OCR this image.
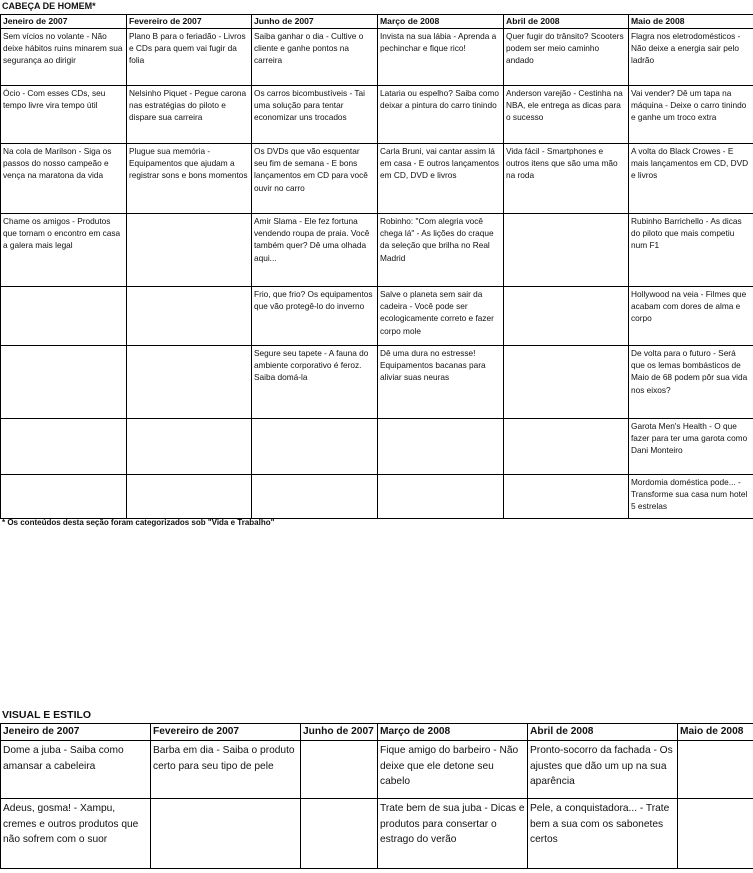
CABEÇA DE HOMEM*
Jeneiro de 2007	Fevereiro de 2007	Junho de 2007	Março de 2008	Abril de 2008	Maio de 2008
Sem vícios no volante - Não deixe hábitos ruins minarem sua segurança ao dirigir	Plano B para o feriadão - Livros e CDs para quem vai fugir da folia	Saiba ganhar o dia - Cultive o cliente e ganhe pontos na carreira	Invista na sua lábia - Aprenda a pechinchar e fique rico!	Quer fugir do trânsito? Scooters podem ser meio caminho andado	Flagra nos eletrodomésticos - Não deixe a energia sair pelo ladrão
Ócio - Com esses CDs, seu tempo livre vira tempo útil	Nelsinho Piquet - Pegue carona nas estratégias do piloto e dispare sua carreira	Os carros bicombustíveis - Tai uma solução para tentar economizar uns trocados	Lataria ou espelho? Saiba como deixar a pintura do carro tinindo	Anderson varejão - Cestinha na NBA, ele entrega as dicas para o sucesso	Vai vender? Dê um tapa na máquina - Deixe o carro tinindo e ganhe um troco extra
Na cola de Marilson - Siga os passos do nosso campeão e vença na maratona da vida	Plugue sua memória - Equipamentos que ajudam a registrar sons e bons momentos	Os DVDs que vão esquentar seu fim de semana - E bons lançamentos em CD para você ouvir no carro	Carla Bruni, vai cantar assim lá em casa - E outros lançamentos em CD, DVD e livros	Vida fácil - Smartphones e outros itens que são uma mão na roda	A volta do Black Crowes - E mais lançamentos em CD, DVD e livros
Chame os amigos - Produtos que tornam o encontro em casa a galera mais legal		Amir Slama - Ele fez fortuna vendendo roupa de praia. Você também quer? Dê uma olhada aqui...	Robinho: "Com alegria você chega lá" - As lições do craque da seleção que brilha no Real Madrid		Rubinho Barrichello - As dicas do piloto que mais competiu num F1
		Frio, que frio? Os equipamentos que vão protegê-lo do inverno	Salve o planeta sem sair da cadeira - Você pode ser ecologicamente correto e fazer corpo mole		Hollywood na veia - Filmes que acabam com dores de alma e corpo
		Segure seu tapete - A fauna do ambiente corporativo é feroz. Saiba domá-la	Dê uma dura no estresse! Equipamentos bacanas para aliviar suas neuras		De volta para o futuro - Será que os lemas bombásticos de Maio de 68 podem pôr sua vida nos eixos?
					Garota Men's Health - O que fazer para ter uma garota como Dani Monteiro
					Mordomia doméstica pode... - Transforme sua casa num hotel 5 estrelas
* Os conteúdos desta seção foram categorizados sob "Vida e Trabalho"
VISUAL E ESTILO
Jeneiro de 2007	Fevereiro de 2007	Junho de 2007	Março de 2008	Abril de 2008	Maio de 2008
Dome a juba - Saiba como amansar a cabeleira	Barba em dia - Saiba o produto certo para seu tipo de pele		Fique amigo do barbeiro - Não deixe que ele detone seu cabelo	Pronto-socorro da fachada - Os ajustes que dão um up na sua aparência	
Adeus, gosma! - Xampu, cremes e outros produtos que não sofrem com o suor			Trate bem de sua juba - Dicas e produtos para consertar o estrago do verão	Pele, a conquistadora... - Trate bem a sua com os sabonetes certos	
